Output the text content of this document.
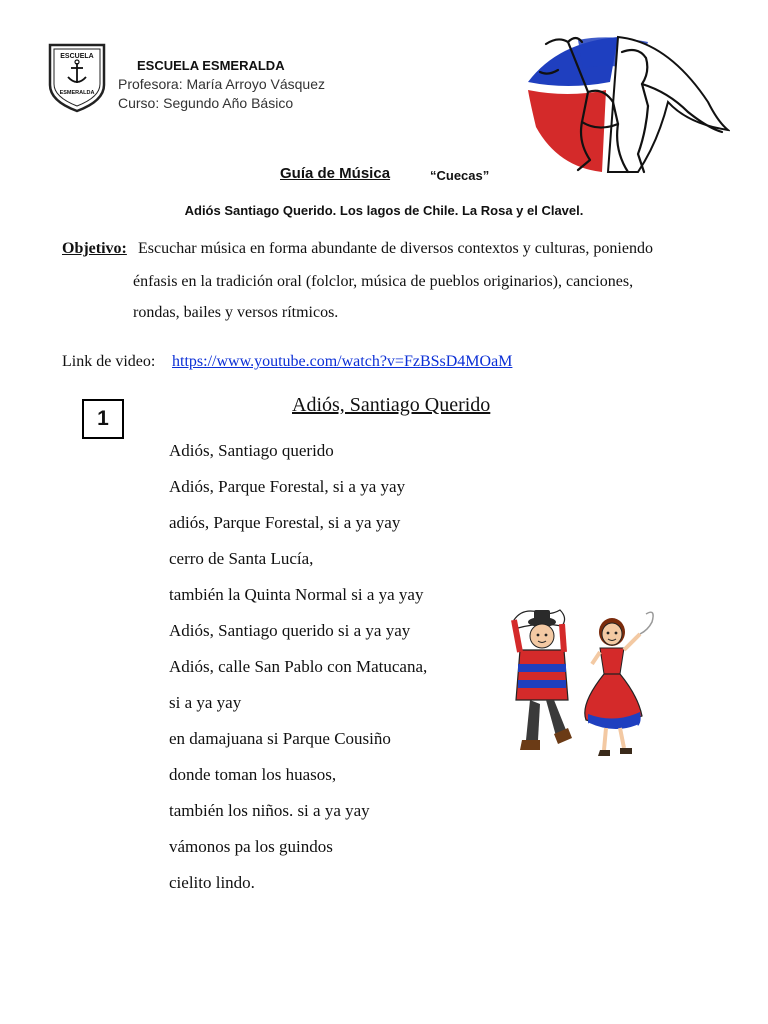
ESCUELA
ESMERALDA
ESCUELA ESMERALDA
Profesora: María Arroyo Vásquez
Curso: Segundo Año Básico
Guía de Música	“Cuecas”
Adiós Santiago Querido. Los lagos de Chile. La Rosa y el Clavel.
Objetivo: Escuchar música en forma abundante de diversos contextos y culturas, poniendo
énfasis en la tradición oral (folclor, música de pueblos originarios), canciones,
rondas, bailes y versos rítmicos.
Link de video: https://www.youtube.com/watch?v=FzBSsD4MOaM
1
Adiós, Santiago Querido
Adiós, Santiago querido
Adiós, Parque Forestal, si a ya yay
adiós, Parque Forestal, si a ya yay
cerro de Santa Lucía,
también la Quinta Normal si a ya yay
Adiós, Santiago querido si a ya yay
Adiós, calle San Pablo con Matucana,
si a ya yay
en damajuana si Parque Cousiño
donde toman los huasos,
también los niños. si a ya yay
vámonos pa los guindos
cielito lindo.
